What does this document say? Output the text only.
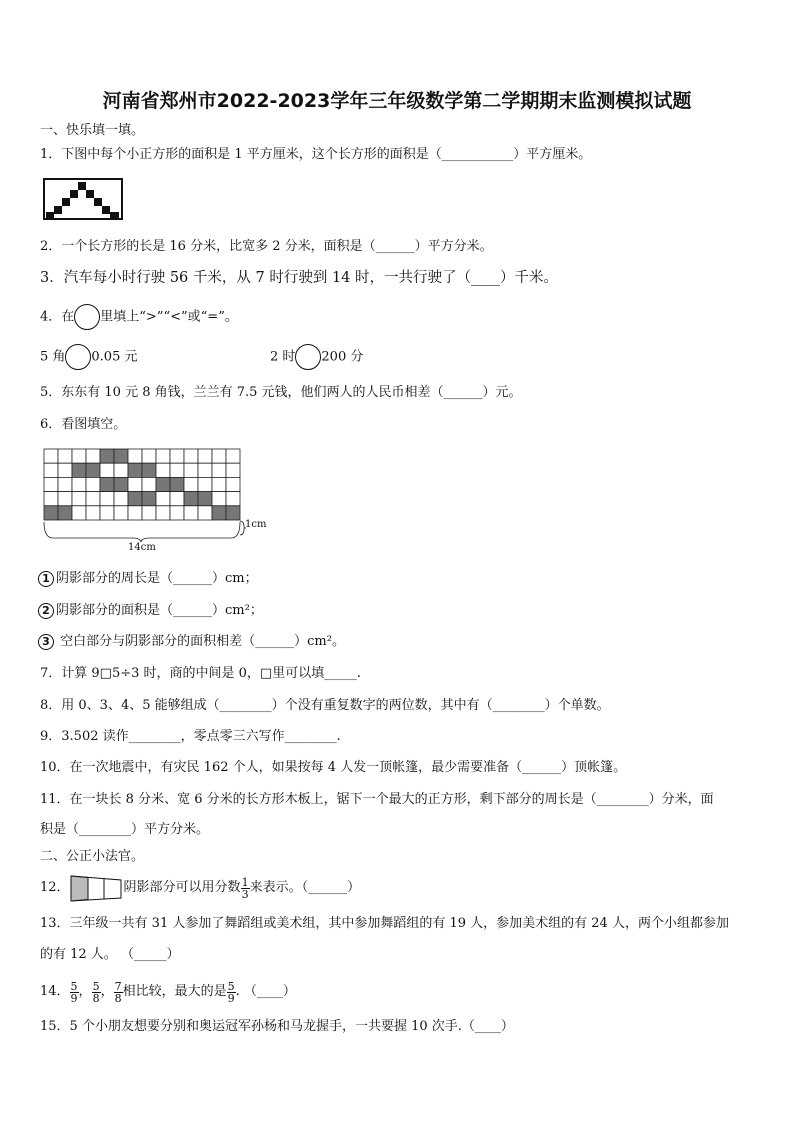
河南省郑州市2022-2023学年三年级数学第二学期期末监测模拟试题
一、快乐填一填。
1．下图中每个小正方形的面积是 1 平方厘米，这个长方形的面积是（___________）平方厘米。
2．一个长方形的长是 16 分米，比宽多 2 分米，面积是（______）平方分米。
3．汽车每小时行驶 56 千米，从 7 时行驶到 14 时，一共行驶了（____）千米。
4．在 里填上“>”“<”或“=”。
5 角 0.05 元	2 时 200 分
5．东东有 10 元 8 角钱，兰兰有 7.5 元钱，他们两人的人民币相差（______）元。
6．看图填空。
1cm
14cm
1 阴影部分的周长是（______）cm；
2 阴影部分的面积是（______）cm²；
3 空白部分与阴影部分的面积相差（______）cm²。
7．计算 9□5÷3 时，商的中间是 0，□里可以填_____.
8．用 0、3、4、5 能够组成（________）个没有重复数字的两位数，其中有（________）个单数。
9．3.502 读作________，零点零三六写作________.
10．在一次地震中，有灾民 162 个人，如果按每 4 人发一顶帐篷，最少需要准备（______）顶帐篷。
11．在一块长 8 分米、宽 6 分米的长方形木板上，锯下一个最大的正方形，剩下部分的周长是（________）分米，面
积是（________）平方分米。
二、公正小法官。
12．	阴影部分可以用分数 $\frac{1}{3}$ 来表示。（______）
13．三年级一共有 31 人参加了舞蹈组或美术组，其中参加舞蹈组的有 19 人，参加美术组的有 24 人，两个小组都参加
的有 12 人。 （_____）
14． $\frac{5}{9}$ ， $\frac{5}{8}$ ， $\frac{7}{8}$ 相比较，最大的是 $\frac{5}{9}$ . （____）
15．5 个小朋友想要分别和奥运冠军孙杨和马龙握手，一共要握 10 次手.（____）
